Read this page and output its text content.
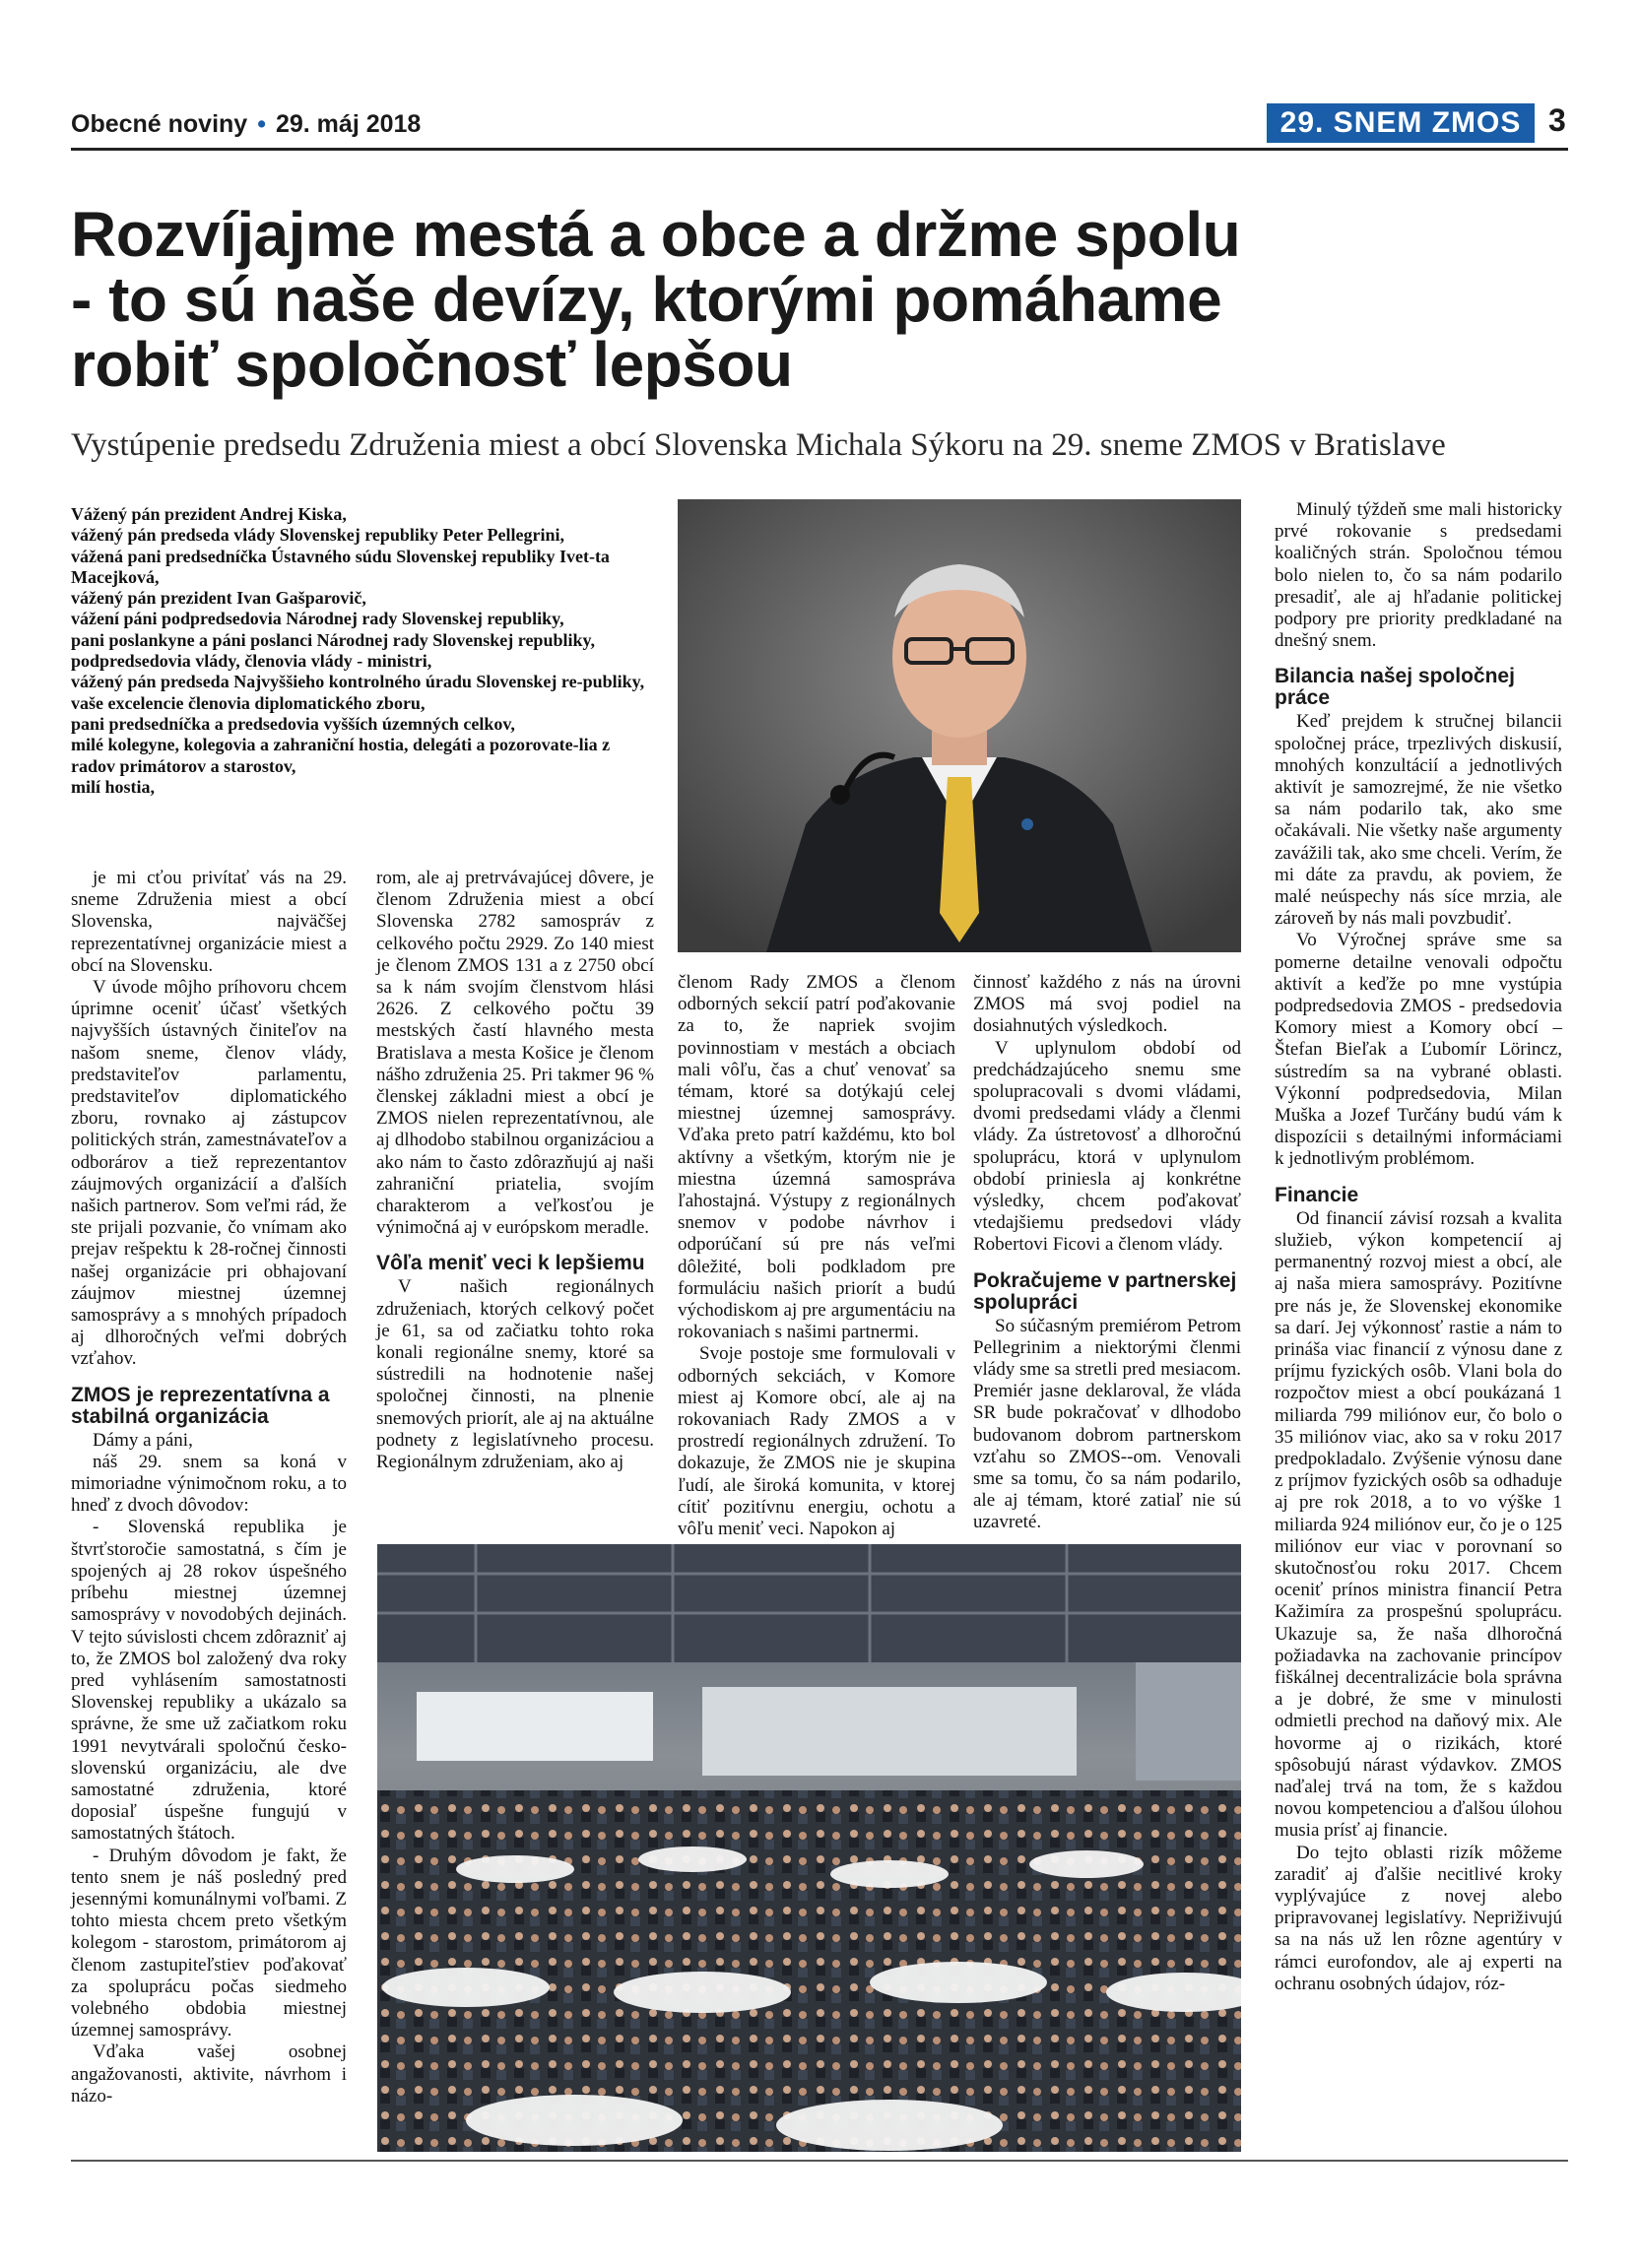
Obecné noviny • 29. máj 2018	29. SNEM ZMOS 3
Rozvíjajme mestá a obce a držme spolu
- to sú naše devízy, ktorými pomáhame
robiť spoločnosť lepšou
Vystúpenie predsedu Združenia miest a obcí Slovenska Michala Sýkoru na 29. sneme ZMOS v Bratislave
Vážený pán prezident Andrej Kiska,
vážený pán predseda vlády Slovenskej republiky Peter Pellegrini,
vážená pani predsedníčka Ústavného súdu Slovenskej republiky Ivet-ta Macejková,
vážený pán prezident Ivan Gašparovič,
vážení páni podpredsedovia Národnej rady Slovenskej republiky,
pani poslankyne a páni poslanci Národnej rady Slovenskej republiky,
podpredsedovia vlády, členovia vlády - ministri,
vážený pán predseda Najvyššieho kontrolného úradu Slovenskej re-publiky,
vaše excelencie členovia diplomatického zboru,
pani predsedníčka a predsedovia vyšších územných celkov,
milé kolegyne, kolegovia a zahraniční hostia, delegáti a pozorovate-lia z radov primátorov a starostov,
milí hostia,

je mi cťou privítať vás na 29. sneme Združenia miest a obcí Slovenska, najväčšej reprezentatívnej organizácie miest a obcí na Slovensku.

V úvode môjho príhovoru chcem úprimne oceniť účasť všetkých najvyšších ústavných činiteľov na našom sneme, členov vlády, predstaviteľov parlamentu, predstaviteľov diplomatického zboru, rovnako aj zástupcov politických strán, zamestnávateľov a odborárov a tiež reprezentantov záujmových organizácií a ďalších našich partnerov. Som veľmi rád, že ste prijali pozvanie, čo vnímam ako prejav rešpektu k 28-ročnej činnosti našej organizácie pri obhajovaní záujmov miestnej územnej samosprávy a s mnohých prípadoch aj dlhoročných veľmi dobrých vzťahov.

ZMOS je reprezentatívna a stabilná organizácia

Dámy a páni,

náš 29. snem sa koná v mimoriadne výnimočnom roku, a to hneď z dvoch dôvodov:

- Slovenská republika je štvrťstoročie samostatná, s čím je spojených aj 28 rokov úspešného príbehu miestnej územnej samosprávy v novodobých dejinách. V tejto súvislosti chcem zdôrazniť aj to, že ZMOS bol založený dva roky pred vyhlásením samostatnosti Slovenskej republiky a ukázalo sa správne, že sme už začiatkom roku 1991 nevytvárali spoločnú česko-slovenskú organizáciu, ale dve samostatné združenia, ktoré doposiaľ úspešne fungujú v samostatných štátoch.

- Druhým dôvodom je fakt, že tento snem je náš posledný pred jesennými komunálnymi voľbami. Z tohto miesta chcem preto všetkým kolegom - starostom, primátorom aj členom zastupiteľstiev poďakovať za spoluprácu počas siedmeho volebného obdobia miestnej územnej samosprávy.

Vďaka vašej osobnej angažovanosti, aktivite, návrhom i názo-

rom, ale aj pretrvávajúcej dôvere, je členom Združenia miest a obcí Slovenska 2782 samospráv z celkového počtu 2929. Zo 140 miest je členom ZMOS 131 a z 2750 obcí sa k nám svojím členstvom hlási 2626. Z celkového počtu 39 mestských častí hlavného mesta Bratislava a mesta Košice je členom nášho združenia 25. Pri takmer 96 % členskej základni miest a obcí je ZMOS nielen reprezentatívnou, ale aj dlhodobo stabilnou organizáciou a ako nám to často zdôrazňujú aj naši zahraniční priatelia, svojím charakterom a veľkosťou je výnimočná aj v európskom meradle.

Vôľa meniť veci k lepšiemu

V našich regionálnych združeniach, ktorých celkový počet je 61, sa od začiatku tohto roka konali regionálne snemy, ktoré sa sústredili na hodnotenie našej spoločnej činnosti, na plnenie snemových priorít, ale aj na aktuálne podnety z legislatívneho procesu. Regionálnym združeniam, ako aj

členom Rady ZMOS a členom odborných sekcií patrí poďakovanie za to, že napriek svojim povinnostiam v mestách a obciach mali vôľu, čas a chuť venovať sa témam, ktoré sa dotýkajú celej miestnej územnej samosprávy. Vďaka preto patrí každému, kto bol aktívny a všetkým, ktorým nie je miestna územná samospráva ľahostajná. Výstupy z regionálnych snemov v podobe návrhov i odporúčaní sú pre nás veľmi dôležité, boli podkladom pre formuláciu našich priorít a budú východiskom aj pre argumentáciu na rokovaniach s našimi partnermi.

Svoje postoje sme formulovali v odborných sekciách, v Komore miest aj Komore obcí, ale aj na rokovaniach Rady ZMOS a v prostredí regionálnych združení. To dokazuje, že ZMOS nie je skupina ľudí, ale široká komunita, v ktorej cítiť pozitívnu energiu, ochotu a vôľu meniť veci. Napokon aj

činnosť každého z nás na úrovni ZMOS má svoj podiel na dosiahnutých výsledkoch.

V uplynulom období od predchádzajúceho snemu sme spolupracovali s dvomi vládami, dvomi predsedami vlády a členmi vlády. Za ústretovosť a dlhoročnú spoluprácu, ktorá v uplynulom období priniesla aj konkrétne výsledky, chcem poďakovať vtedajšiemu predsedovi vlády Robertovi Ficovi a členom vlády.

Pokračujeme v partnerskej spolupráci

So súčasným premiérom Petrom Pellegrinim a niektorými členmi vlády sme sa stretli pred mesiacom. Premiér jasne deklaroval, že vláda SR bude pokračovať v dlhodobo budovanom dobrom partnerskom vzťahu so ZMOS--om. Venovali sme sa tomu, čo sa nám podarilo, ale aj témam, ktoré zatiaľ nie sú uzavreté.

Minulý týždeň sme mali historicky prvé rokovanie s predsedami koaličných strán. Spoločnou témou bolo nielen to, čo sa nám podarilo presadiť, ale aj hľadanie politickej podpory pre priority predkladané na dnešný snem.

Bilancia našej spoločnej práce

Keď prejdem k stručnej bilancii spoločnej práce, trpezlivých diskusií, mnohých konzultácií a jednotlivých aktivít je samozrejmé, že nie všetko sa nám podarilo tak, ako sme očakávali. Nie všetky naše argumenty zavážili tak, ako sme chceli. Verím, že mi dáte za pravdu, ak poviem, že malé neúspechy nás síce mrzia, ale zároveň by nás mali povzbudiť.

Vo Výročnej správe sme sa pomerne detailne venovali odpočtu aktivít a keďže po mne vystúpia podpredsedovia ZMOS - predsedovia Komory miest a Komory obcí – Štefan Bieľak a Ľubomír Lörincz, sústredím sa na vybrané oblasti. Výkonní podpredsedovia, Milan Muška a Jozef Turčány budú vám k dispozícii s detailnými informáciami k jednotlivým problémom.

Financie

Od financií závisí rozsah a kvalita služieb, výkon kompetencií aj permanentný rozvoj miest a obcí, ale aj naša miera samosprávy. Pozitívne pre nás je, že Slovenskej ekonomike sa darí. Jej výkonnosť rastie a nám to prináša viac financií z výnosu dane z príjmu fyzických osôb. Vlani bola do rozpočtov miest a obcí poukázaná 1 miliarda 799 miliónov eur, čo bolo o 35 miliónov viac, ako sa v roku 2017 predpokladalo. Zvýšenie výnosu dane z príjmov fyzických osôb sa odhaduje aj pre rok 2018, a to vo výške 1 miliarda 924 miliónov eur, čo je o 125 miliónov eur viac v porovnaní so skutočnosťou roku 2017. Chcem oceniť prínos ministra financií Petra Kažimíra za prospešnú spoluprácu. Ukazuje sa, že naša dlhoročná požiadavka na zachovanie princípov fiškálnej decentralizácie bola správna a je dobré, že sme v minulosti odmietli prechod na daňový mix. Ale hovorme aj o rizikách, ktoré spôsobujú nárast výdavkov. ZMOS naďalej trvá na tom, že s každou novou kompetenciou a ďalšou úlohou musia prísť aj financie.

Do tejto oblasti rizík môžeme zaradiť aj ďalšie necitlivé kroky vyplývajúce z novej alebo pripravovanej legislatívy. Nepriživujú sa na nás už len rôzne agentúry v rámci eurofondov, ale aj experti na ochranu osobných údajov, róz-
